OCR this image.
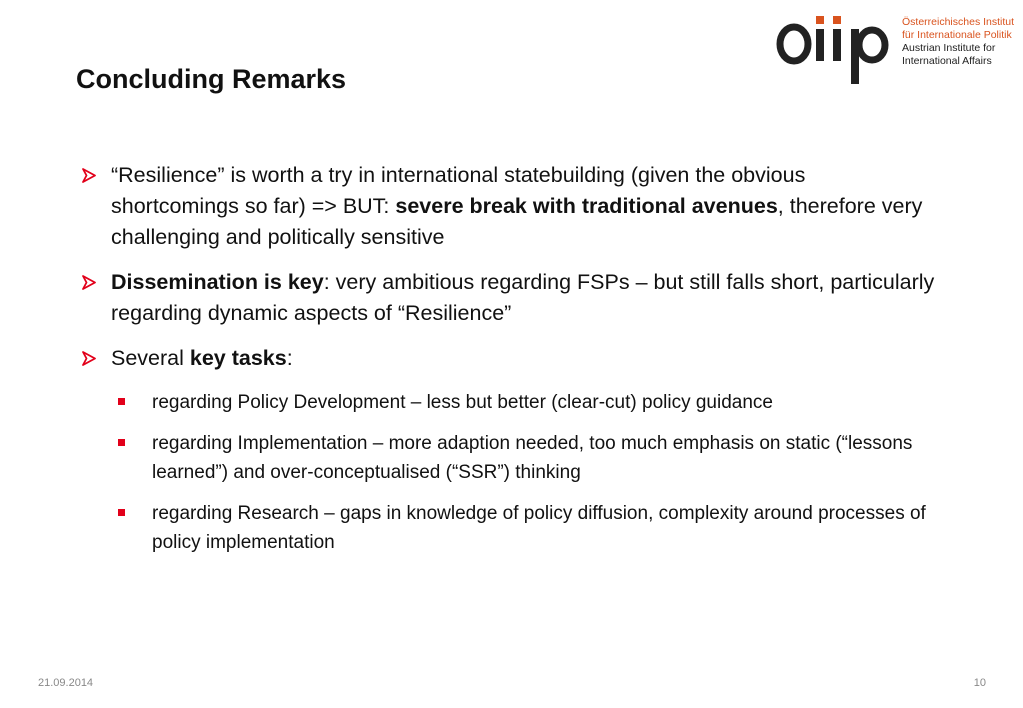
Österreichisches Institut
für Internationale Politik
Austrian Institute for
International Affairs
Concluding Remarks
“Resilience” is worth a try in international statebuilding (given the obvious shortcomings so far) => BUT: severe break with traditional avenues, therefore very challenging and politically sensitive
Dissemination is key: very ambitious regarding FSPs – but still falls short, particularly regarding dynamic aspects of “Resilience”
Several key tasks:
regarding Policy Development – less but better (clear-cut) policy guidance
regarding Implementation – more adaption needed, too much emphasis on static (“lessons learned”) and over-conceptualised (“SSR”) thinking
regarding Research – gaps in knowledge of policy diffusion, complexity around processes of policy implementation
21.09.2014	10
